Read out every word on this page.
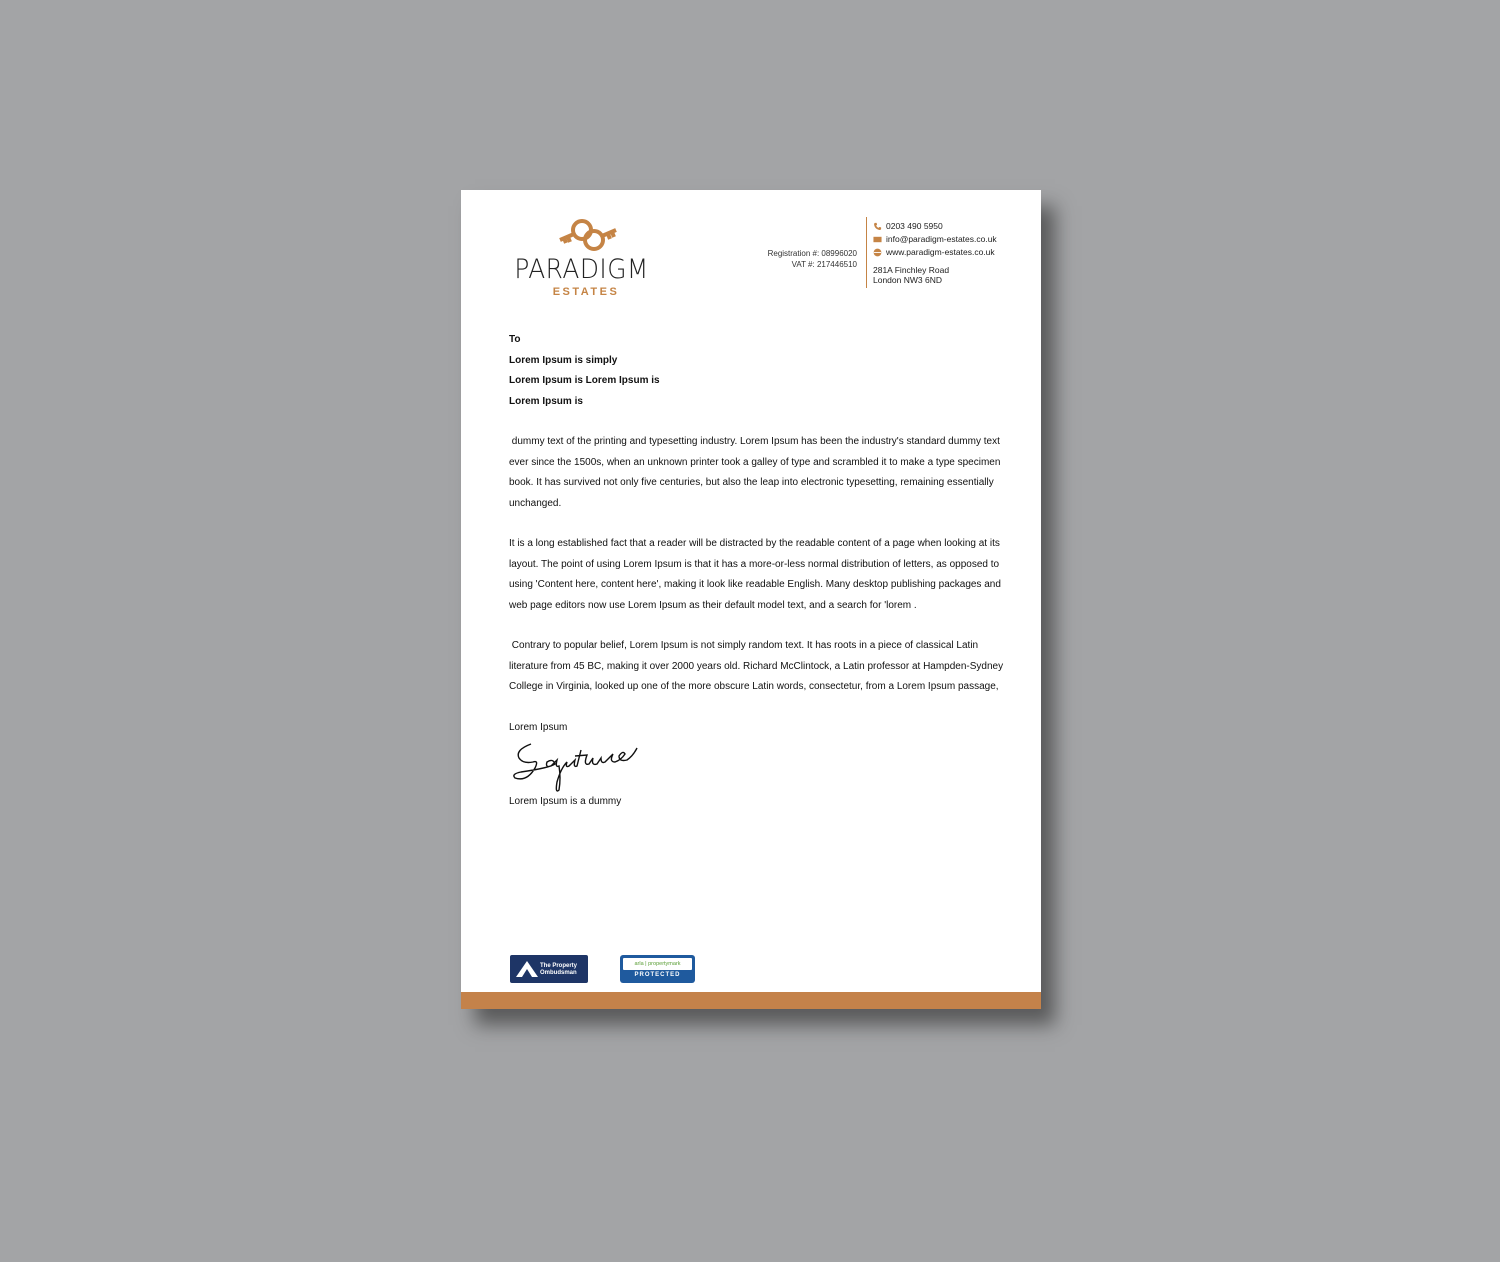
PARADIGM
ESTATES
Registration #: 08996020
VAT #: 217446510
0203 490 5950
info@paradigm-estates.co.uk
www.paradigm-estates.co.uk
281A Finchley Road
London NW3 6ND
To
Lorem Ipsum is simply
Lorem Ipsum is Lorem Ipsum is
Lorem Ipsum is
dummy text of the printing and typesetting industry. Lorem Ipsum has been the industry's standard dummy text ever since the 1500s, when an unknown printer took a galley of type and scrambled it to make a type specimen book. It has survived not only five centuries, but also the leap into electronic typesetting, remaining essentially unchanged.
It is a long established fact that a reader will be distracted by the readable content of a page when looking at its layout. The point of using Lorem Ipsum is that it has a more-or-less normal distribution of letters, as opposed to using 'Content here, content here', making it look like readable English. Many desktop publishing packages and web page editors now use Lorem Ipsum as their default model text, and a search for 'lorem .
Contrary to popular belief, Lorem Ipsum is not simply random text. It has roots in a piece of classical Latin literature from 45 BC, making it over 2000 years old. Richard McClintock, a Latin professor at Hampden-Sydney College in Virginia, looked up one of the more obscure Latin words, consectetur, from a Lorem Ipsum passage,
Lorem Ipsum
Lorem Ipsum is a dummy
The Property
Ombudsman
arla | propertymark
PROTECTED
